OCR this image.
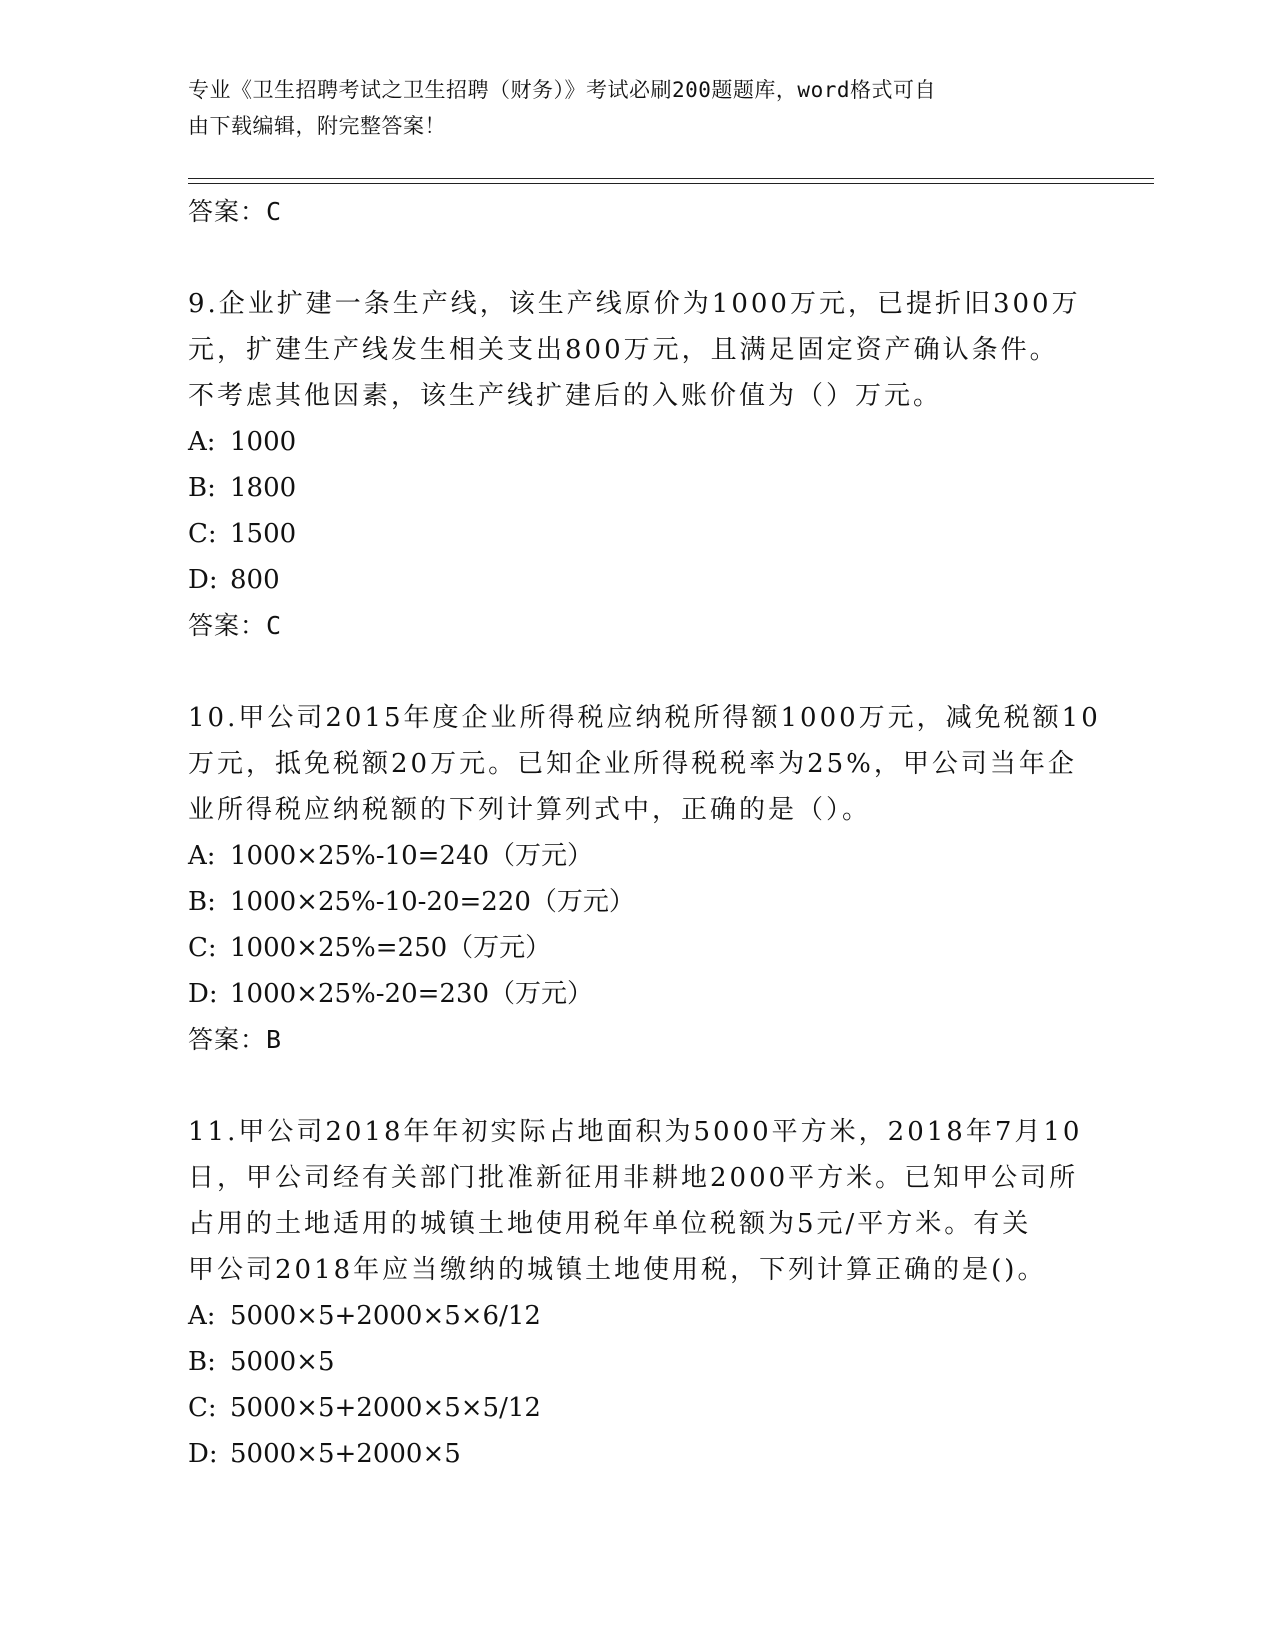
专业《卫生招聘考试之卫生招聘（财务）》考试必刷200题题库，word格式可自
由下载编辑，附完整答案！
答案：C

9.企业扩建一条生产线，该生产线原价为1000万元，已提折旧300万
元，扩建生产线发生相关支出800万元，且满足固定资产确认条件。
不考虑其他因素，该生产线扩建后的入账价值为（）万元。

A: 1000
B: 1800
C: 1500
D: 800
答案：C

10.甲公司2015年度企业所得税应纳税所得额1000万元，减免税额10
万元，抵免税额20万元。已知企业所得税税率为25%，甲公司当年企
业所得税应纳税额的下列计算列式中，正确的是（）。

A: 1000×25%-10=240（万元）
B: 1000×25%-10-20=220（万元）
C: 1000×25%=250（万元）
D: 1000×25%-20=230（万元）
答案：B

11.甲公司2018年年初实际占地面积为5000平方米，2018年7月10
日，甲公司经有关部门批准新征用非耕地2000平方米。已知甲公司所
占用的土地适用的城镇土地使用税年单位税额为5元/平方米。有关
甲公司2018年应当缴纳的城镇土地使用税，下列计算正确的是()。

A: 5000×5+2000×5×6/12
B: 5000×5
C: 5000×5+2000×5×5/12
D: 5000×5+2000×5
